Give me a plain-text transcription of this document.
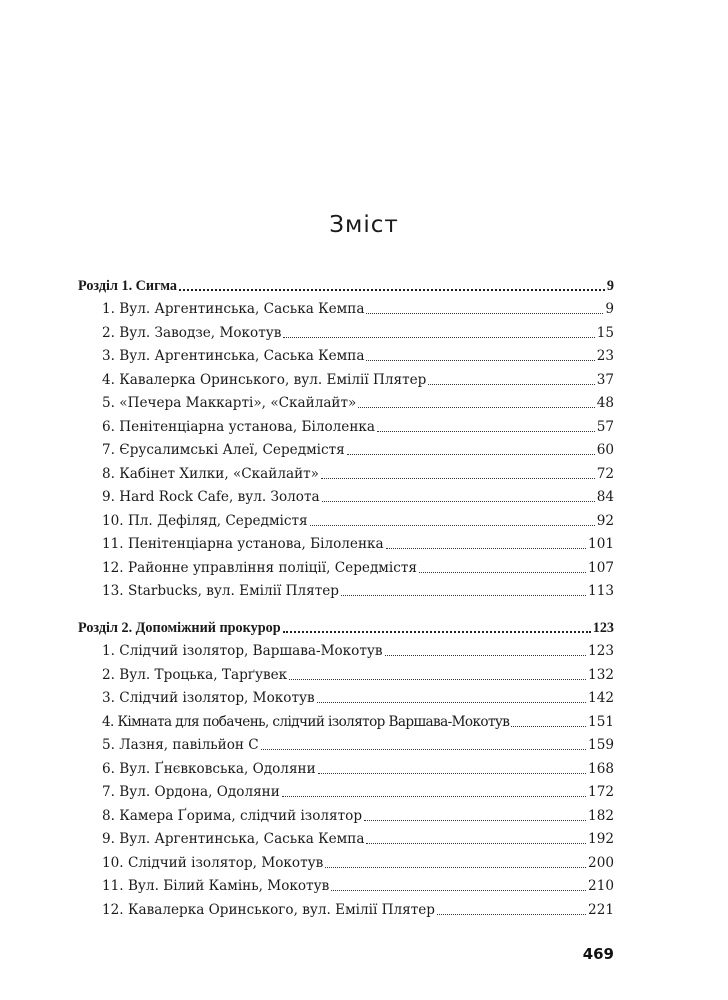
Зміст
Розділ 1. Сигма	9
1. Вул. Аргентинська, Саська Кемпа	9
2. Вул. Заводзе, Мокотув	15
3. Вул. Аргентинська, Саська Кемпа	23
4. Кавалерка Оринського, вул. Емілії Плятер	37
5. «Печера Маккарті», «Скайлайт»	48
6. Пенітенціарна установа, Білоленка	57
7. Єрусалимські Алеї, Середмістя	60
8. Кабінет Хилки, «Скайлайт»	72
9. Hard Rock Cafe, вул. Золота	84
10. Пл. Дефіляд, Середмістя	92
11. Пенітенціарна установа, Білоленка	101
12. Районне управління поліції, Середмістя	107
13. Starbucks, вул. Емілії Плятер	113
Розділ 2. Допоміжний прокурор	123
1. Слідчий ізолятор, Варшава-Мокотув	123
2. Вул. Троцька, Тарґувек	132
3. Слідчий ізолятор, Мокотув	142
4. Кімната для побачень, слідчий ізолятор Варшава-Мокотув	151
5. Лазня, павільйон С	159
6. Вул. Ґнєвковська, Одоляни	168
7. Вул. Ордона, Одоляни	172
8. Камера Ґорима, слідчий ізолятор	182
9. Вул. Аргентинська, Саська Кемпа	192
10. Слідчий ізолятор, Мокотув	200
11. Вул. Білий Камінь, Мокотув	210
12. Кавалерка Оринського, вул. Емілії Плятер	221
469
